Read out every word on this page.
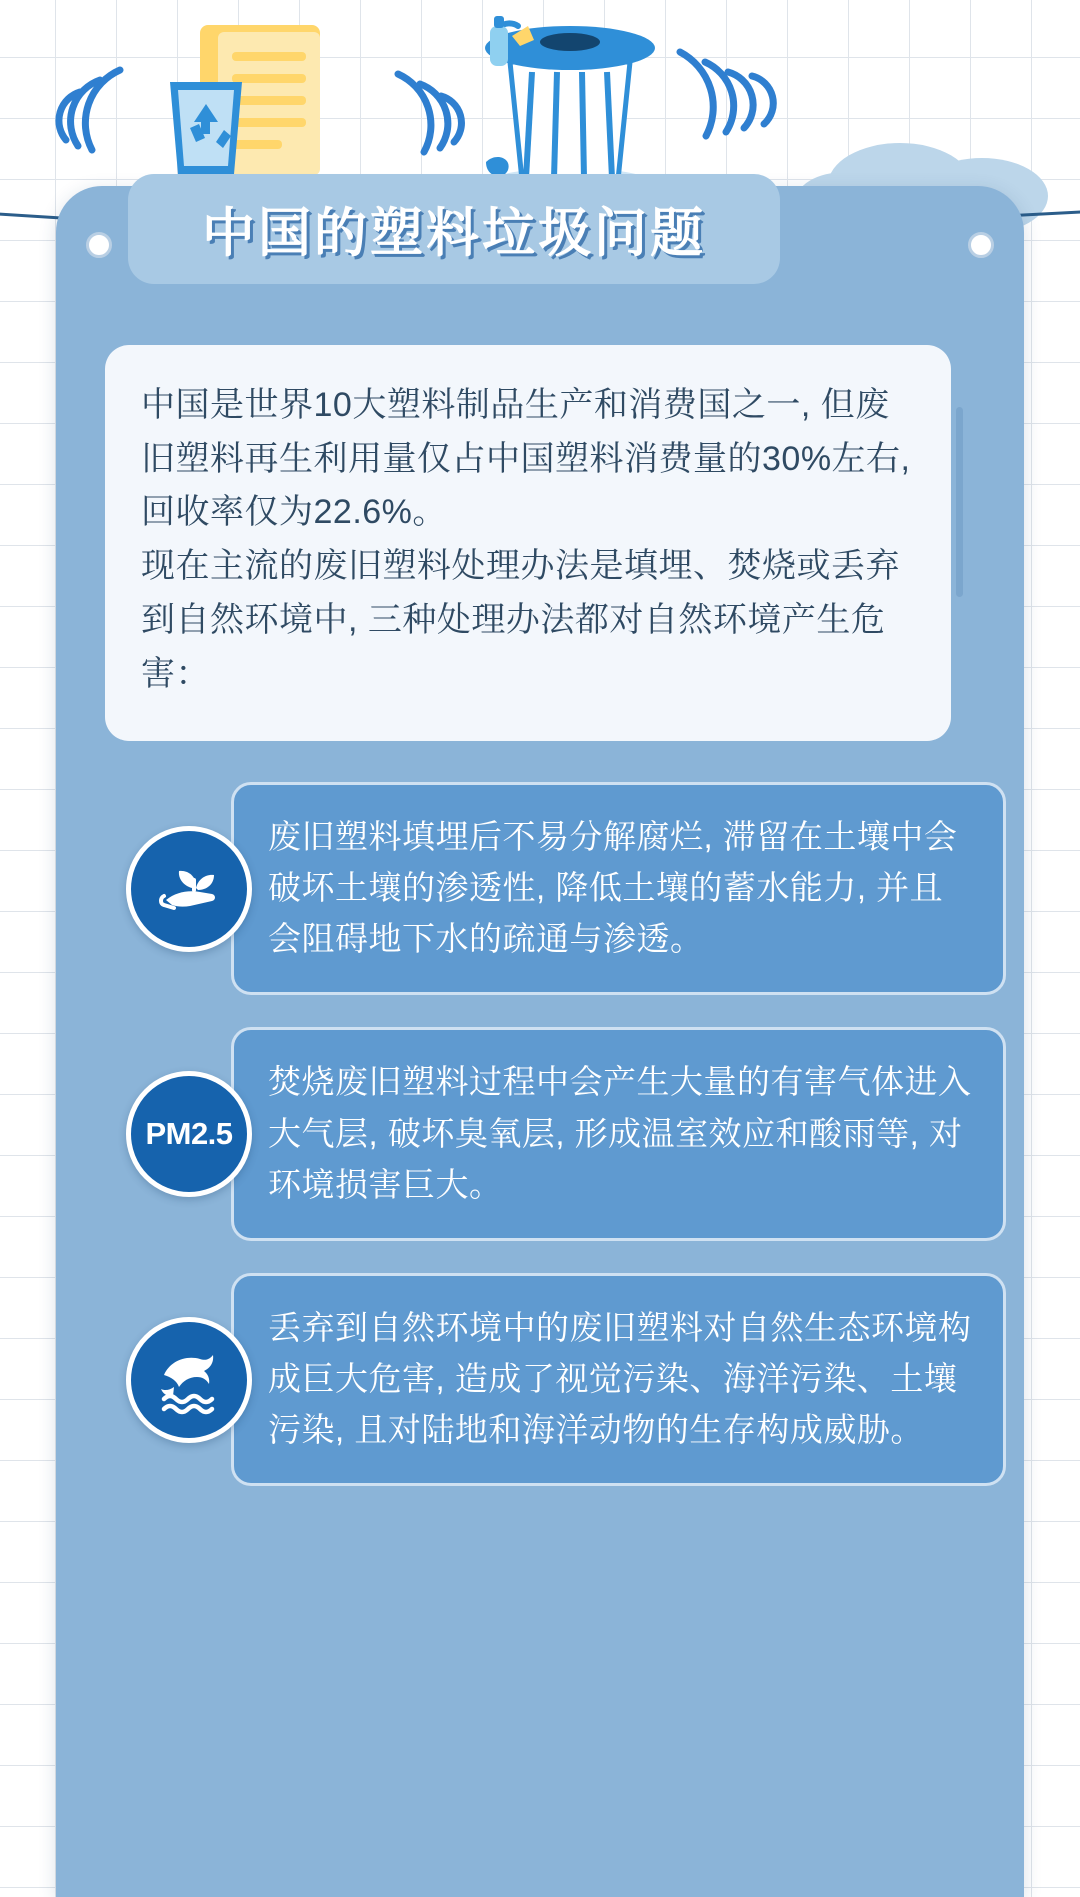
中国的塑料垃圾问题

中国是世界10大塑料制品生产和消费国之一, 但废旧塑料再生利用量仅占中国塑料消费量的30%左右, 回收率仅为22.6%。

现在主流的废旧塑料处理办法是填埋、焚烧或丢弃到自然环境中, 三种处理办法都对自然环境产生危害：

废旧塑料填埋后不易分解腐烂, 滞留在土壤中会破坏土壤的渗透性, 降低土壤的蓄水能力, 并且会阻碍地下水的疏通与渗透。

PM2.5

焚烧废旧塑料过程中会产生大量的有害气体进入大气层, 破坏臭氧层, 形成温室效应和酸雨等, 对环境损害巨大。

丢弃到自然环境中的废旧塑料对自然生态环境构成巨大危害, 造成了视觉污染、海洋污染、土壤污染, 且对陆地和海洋动物的生存构成威胁。
